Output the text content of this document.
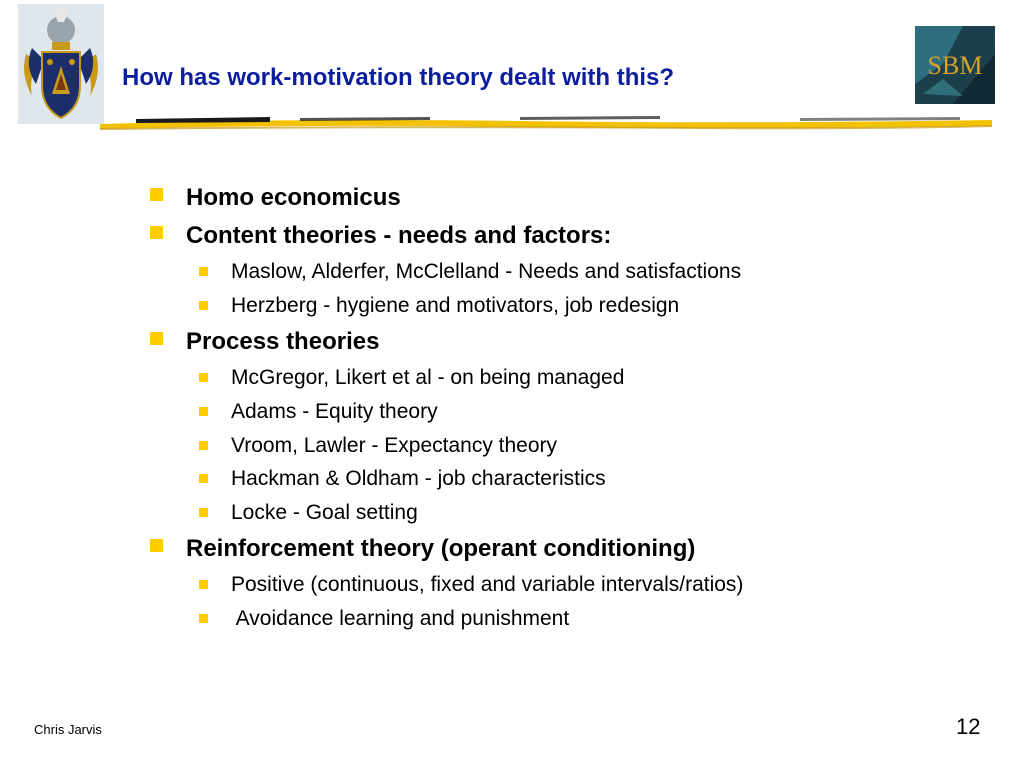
How has work-motivation theory dealt with this?	SBM
Homo economicus
Content theories - needs and factors:
Maslow, Alderfer, McClelland - Needs and satisfactions
Herzberg - hygiene and motivators, job redesign
Process theories
McGregor, Likert et al - on being managed
Adams - Equity theory
Vroom, Lawler - Expectancy theory
Hackman & Oldham - job characteristics
Locke - Goal setting
Reinforcement theory (operant conditioning)
Positive (continuous, fixed and variable intervals/ratios)
Avoidance learning and punishment
Chris Jarvis	12
